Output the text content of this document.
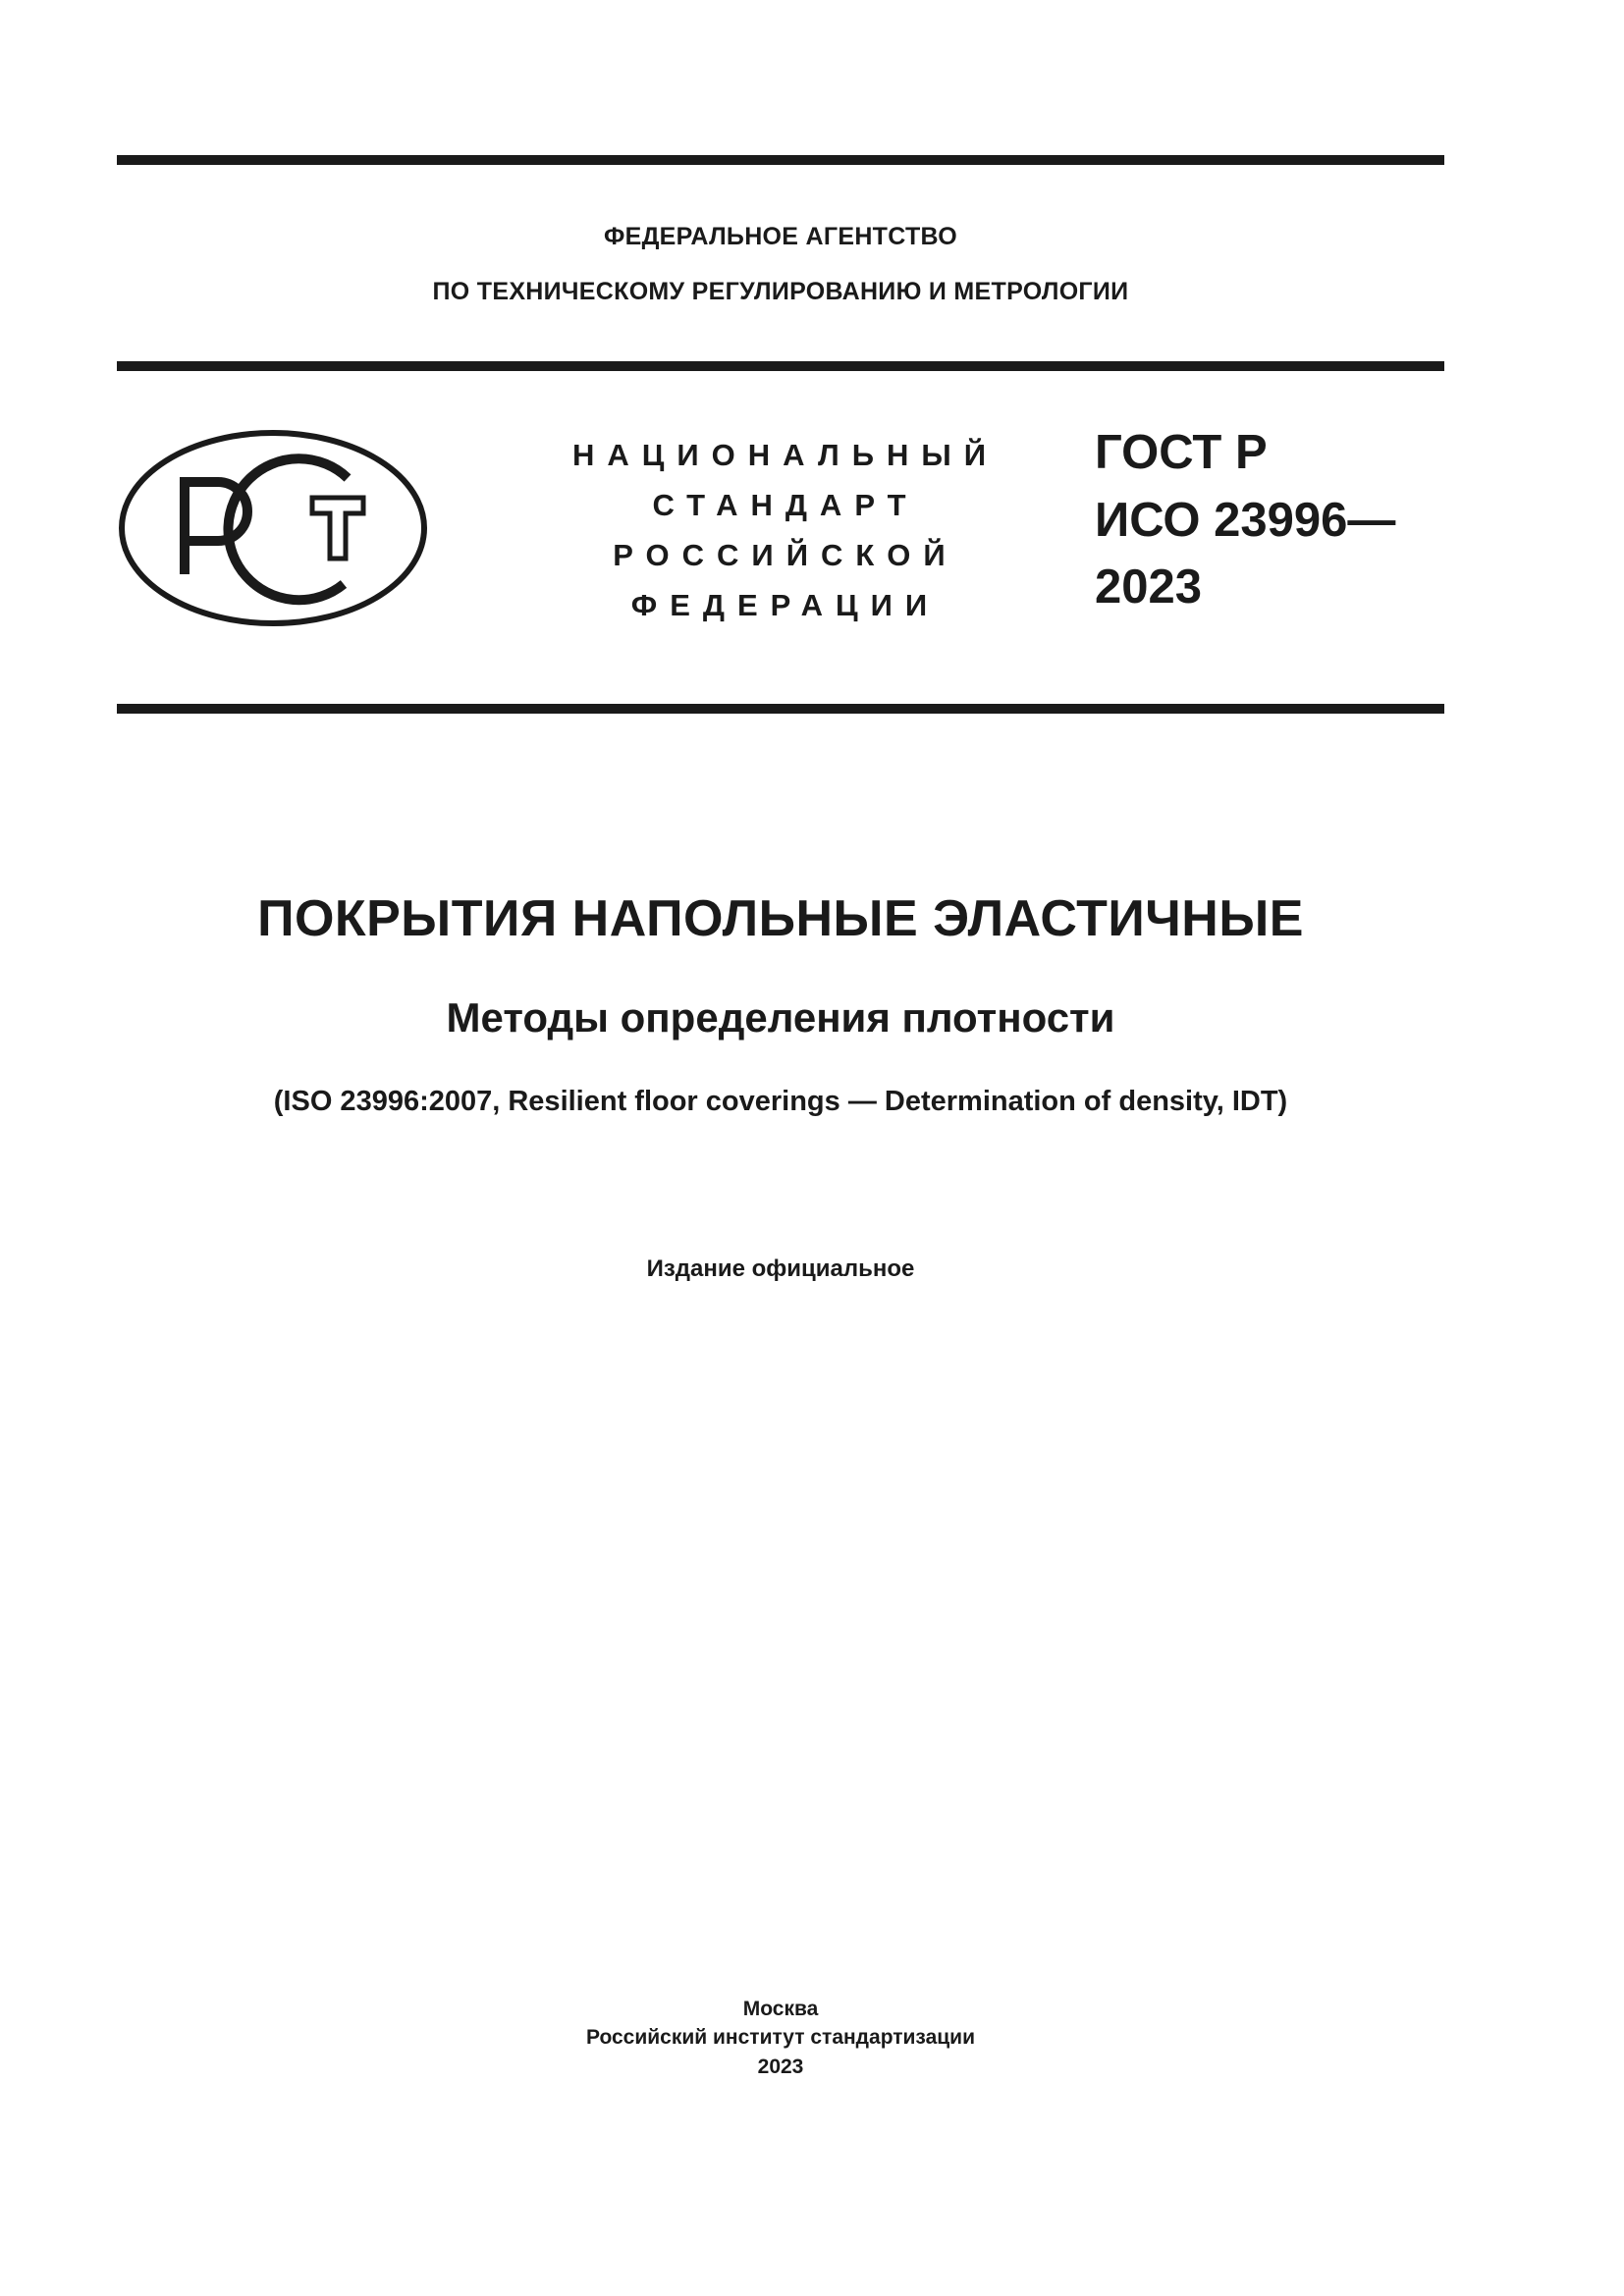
ФЕДЕРАЛЬНОЕ АГЕНТСТВО
ПО ТЕХНИЧЕСКОМУ РЕГУЛИРОВАНИЮ И МЕТРОЛОГИИ
НАЦИОНАЛЬНЫЙ
СТАНДАРТ
РОССИЙСКОЙ
ФЕДЕРАЦИИ
ГОСТ Р
ИСО 23996—
2023
ПОКРЫТИЯ НАПОЛЬНЫЕ ЭЛАСТИЧНЫЕ
Методы определения плотности
(ISO 23996:2007, Resilient floor coverings — Determination of density, IDT)
Издание официальное
Москва
Российский институт стандартизации
2023
